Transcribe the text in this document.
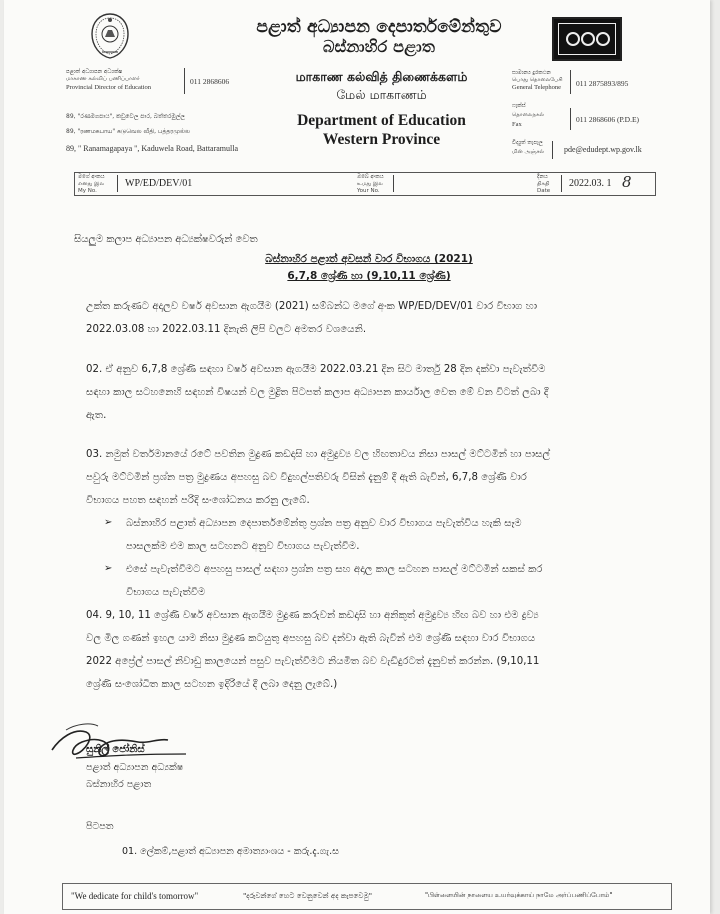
පළාත් අධ්‍යාපන දෙපාර්තමේන්තුව
බස්නාහිර පළාත
மாகாண கல்வித் திணைக்களம்
மேல் மாகாணம்
Department of Education
Western Province
පළාත් අධ්‍යාපන අධ්‍යක්ෂ
மாகாண கல்விப் பணிப்பாளர்
Provincial Director of Education
011 2868606
89, "රණමගපාය", කඩුවෙල පාර, බත්තරමුල්ල
89, "ரணமகபாய" கடுவெல வீதி, பத்தரமுல்ல
89, " Ranamagapaya ", Kaduwela Road, Battaramulla
සාමාන්‍ය දුරකථන
பொது தொலைபேசி
General Telephone 011 2875893/895
ෆැක්ස්
தொலைநகல்
Fax
011 2868606 (P.D.E)
විද්‍යුත් තැපෑල
மின் அஞ்சல் pde@edudept.wp.gov.lk
මගේ අංකය
எனது இல
My No.
WP/ED/DEV/01
ඔබේ අංකය
உமது இல
Your No.
දිනය
திகதி
Date
2022.03. 1 8
සියලුම කලාප අධ්‍යාපන අධ්‍යක්ෂවරුන් වෙත
බස්නාහිර පළාත් අවසන් වාර විභාගය (2021)
6,7,8 ශ්‍රේණි හා (9,10,11 ශ්‍රේණි)
උක්ත කරුණට අදාලව වර්ෂ අවසාන ඇගයීම (2021) සම්බන්ධ මගේ අංක WP/ED/DEV/01 වාර විභාග හා
2022.03.08 හා 2022.03.11 දිනැති ලිපි වලට අමතර වශයෙනි.
02. ඒ අනුව 6,7,8 ශ්‍රේණි සඳහා වර්ෂ අවසාන ඇගයීම 2022.03.21 දින සිට මාර්තු 28 දින දක්වා පැවැත්වීම
සඳහා කාල සටහනෙහි සඳහන් විෂයන් වල මුද්‍රිත පිටපත් කලාප අධ්‍යාපන කාර්යාල වෙත මේ වන විටත් ලබා දී
ඇත.
03. නමුත් වර්තමානයේ රටේ පවතින මුද්‍රණ කඩදාසි හා අමුද්‍රව්‍ය වල හිඟතාවය නිසා පාසල් මට්ටමින් හා පාසල්
පවුරු මට්ටමින් ප්‍රශ්න පත්‍ර මුද්‍රණය අපහසු බව විදුහල්පතිවරු විසින් දැනුම් දී ඇති බැවින්, 6,7,8 ශ්‍රේණි වාර
විභාගය පහත සඳහන් පරිදි සංශෝධනය කරනු ලැබේ.
➢ බස්නාහිර පළාත් අධ්‍යාපන දෙපාර්තමේන්තු ප්‍රශ්න පත්‍ර අනුව වාර විභාගය පැවැත්විය හැකි සෑම
පාසලක්ම එම කාල සටහනට අනුව විභාගය පැවැත්වීම.
➢ එසේ පැවැත්වීමට අපහසු පාසල් සඳහා ප්‍රශ්න පත්‍ර සහ අදාල කාල සටහන පාසල් මට්ටමින් සකස් කර
විභාගය පැවැත්වීම
04. 9, 10, 11 ශ්‍රේණි වර්ෂ අවසාන ඇගයීම මුද්‍රණ කරුවන් කඩදාසි හා අනිකුත් අමුද්‍රව්‍ය හිඟ බව හා එම ද්‍රව්‍ය
වල මිල ගණන් ඉහල යාම නිසා මුද්‍රණ කටයුතු අපහසු බව දන්වා ඇති බැවින් එම ශ්‍රේණි සඳහා වාර විභාගය
2022 අප්‍රේල් පාසල් නිවාඩු කාලයෙන් පසුව පැවැත්වීමට නියමිත බව වැඩිදුරටත් දැනුවත් කරන්න. (9,10,11
ශ්‍රේණි සංශෝධිත කාල සටහන ඉදිරියේ දී ලබා දෙනු ලැබේ.)
සුනිල් ජෝනිස්
පළාත් අධ්‍යාපන අධ්‍යක්ෂ
බස්නාහිර පළාත
පිටපත
01. ලේකම්,පළාත් අධ්‍යාපන අමාත්‍යාංශය - කරු.දැ.ගැ.ස
"We dedicate for child's tomorrow"	"දරුවන්ගේ හෙට වෙනුවෙන් අද කැපවෙමු"	"பிள்ளையின் நாளைய உயர்வுக்காய் நாமே அர்ப்பணிப்போம்"
